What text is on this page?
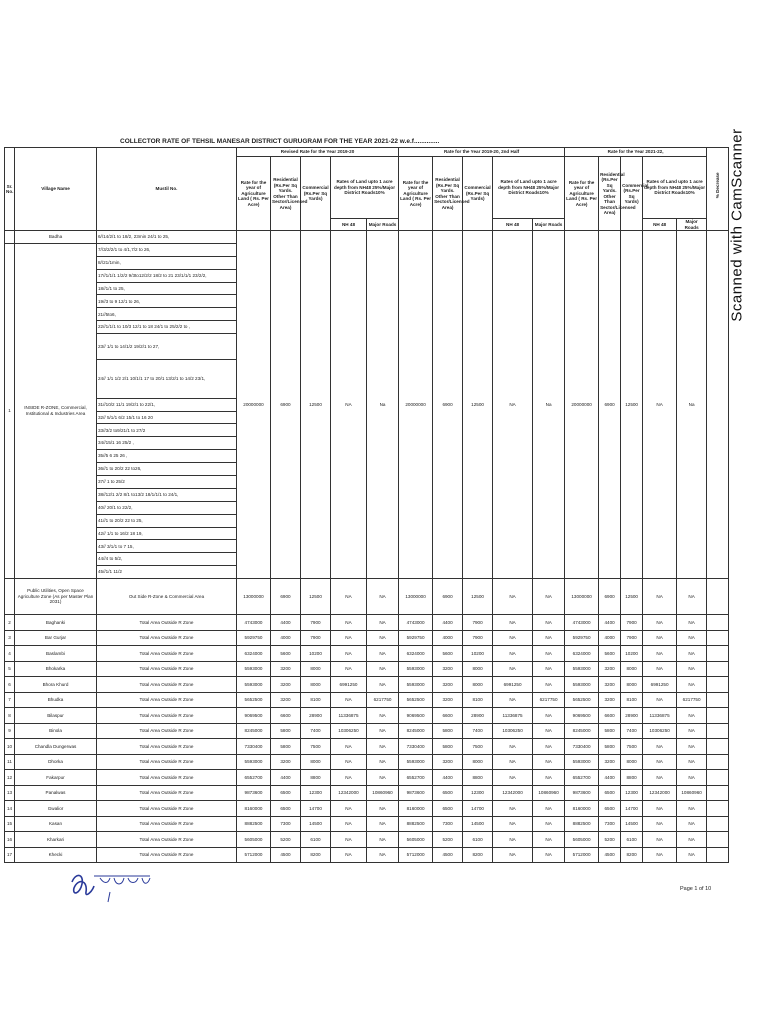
COLLECTOR RATE OF TEHSIL MANESAR DISTRICT GURUGRAM FOR THE YEAR 2021-22 w.e.f..............	Scanned with CamScanner
Sr. No.	Village Name	Mustil No.	Revised Rate for the Year 2019-20					Rate for the Year 2019-20, 2nd Half					Rate for the Year 2021-22,					% Decrease

			Rate for the year of Agriculture Land ( Rs. Per Acre)	Residential (Rs.Per Sq Yards. Other Than Sector/Licensed Area)	Commercial (Rs.Per Sq Yards)	Rates of Land upto 1 acre depth from NH48 25%/Major District Roads10%		Rate for the year of Agriculture Land ( Rs. Per Acre)	Residential (Rs.Per Sq Yards. Other Than Sector/Licensed Area)	Commercial (Rs.Per Sq Yards)	Rates of Land upto 1 acre depth from NH48 25%/Major District Roads10%		Rate for the year of Agriculture Land ( Rs. Per Acre)	Residential (Rs.Per Sq Yards. Other Than Sector/Licensed Area)	Commercial (Rs.Per Sq Yards)	Rates of Land upto 1 acre depth from NH48 25%/Major District Roads10%		
						NH 48	Major Roads				NH 48	Major Roads				NH 48	Major Roads	
	Badha	6//14/2/1 to 18/2, 23min 24/1 to 25,	20000000	6900	12500	NA	Na	20000000	6900	12500	NA	Na	20000000	6900	12500	NA	Na	
1	INSIDE R-ZONE, Commercial, Institutional & Industries Area	7//3/2/2/1 to 4/1,7/2 to 26,																
		8//21/1min,																
		17//1/1/1 1/2/2 9/3to12/2/2 18/2 to 21 23/1/1/1 23/2/2,																
		18//1/1 to 25,																
		19//3 to 9 12/1 to 26,																
		21//5to6,																
		22//1/1/1 to 10/3 12/1 to 18 24/1 to 25/2/2 to ,																
		23// 1/1 to 14/1/2 19/2/1 to 27,																
		24// 1/1 1/2 2/1 10/1/1 17 to 20/1 13/2/1 to 14/2 23/1,																
		31//10/2 11/1 19/2/1 to 22/1,																
		32// 5/1/1 6/2 15/1 to 16 20																
		33//3/2 to9/21/1 to 27/2																
		34//15/1 16 25/2 ,																
		35//5 6 25 26 ,																
		36//1 to 20/2 22 to26,																
		37// 1 to 25/2																
		38//12/1 2/2 8/1 to13/2 18/1/1/1 to 24/1,																
		40// 20/1 to 22/2,																
		41//1 to 20/2 22 to 25,																
		42// 1/1 to 16/2 18 19,																
		43// 3/1/1 to 7 15,																
		44//4 to 5/2,																
		45//1/1 11/2																
	Public Utilities, Open Space Agriculture Zone (As per Master Plan 2031)	Out Side R-Zone & Commercial Area	13000000	6900	12500	NA	NA	13000000	6900	12500	NA	NA	13000000	6900	12500	NA	NA	
2	Baghanki	Total Area Outside R Zone	4743000	4400	7900	NA	NA	4743000	4400	7900	NA	NA	4743000	4400	7900	NA	NA	
3	Bar Gurjar	Total Area Outside R Zone	5929750	4000	7900	NA	NA	5929750	4000	7900	NA	NA	5929750	4000	7900	NA	NA	
4	Baslambi	Total Area Outside R Zone	6324000	5600	10200	NA	NA	6324000	5600	10200	NA	NA	6324000	5600	10200	NA	NA	
5	Bhokarka	Total Area Outside R Zone	5593000	3200	8000	NA	NA	5593000	3200	8000	NA	NA	5593000	3200	8000	NA	NA	
6	Bhora Khurd	Total Area Outside R Zone	5593000	3200	8000	6991250	NA	5593000	3200	8000	6991250	NA	5593000	3200	8000	6991250	NA	
7	Bhudka	Total Area Outside R Zone	5652500	3200	8100	NA	6217750	5652500	3200	8100	NA	6217750	5652500	3200	8100	NA	6217750	
8	Bilaspur	Total Area Outside R Zone	9069500	6600	28900	11336875	NA	9069500	6600	28900	11336875	NA	9069500	6600	28900	11336875	NA	
9	Binola	Total Area Outside R Zone	8245000	5800	7400	10306250	NA	8245000	5800	7400	10306250	NA	8245000	5800	7400	10306250	NA	
10	Chandla Dungerwas	Total Area Outside R Zone	7330400	5800	7500	NA	NA	7330400	5800	7500	NA	NA	7330400	5800	7500	NA	NA	
11	Dhorka	Total Area Outside R Zone	5593000	3200	8000	NA	NA	5593000	3200	8000	NA	NA	5593000	3200	8000	NA	NA	
12	Fakarpur	Total Area Outside R Zone	6552700	4400	8800	NA	NA	6552700	4400	8800	NA	NA	6552700	4400	8800	NA	NA	
13	Panalwas	Total Area Outside R Zone	9873600	6500	12300	12342000	10860960	9873600	6500	12300	12342000	10860960	9873600	6500	12300	12342000	10860960	
14	Gwalior	Total Area Outside R Zone	8160000	6500	14700	NA	NA	8160000	6500	14700	NA	NA	8160000	6500	14700	NA	NA	
15	Kasan	Total Area Outside R Zone	8882500	7300	14500	NA	NA	8882500	7300	14500	NA	NA	8882500	7300	14500	NA	NA	
16	Kharkari	Total Area Outside R Zone	5605000	5200	6100	NA	NA	5605000	5200	6100	NA	NA	5605000	5200	6100	NA	NA	
17	Khecki	Total Area Outside R Zone	5712000	4500	8200	NA	NA	5712000	4500	8200	NA	NA	5712000	4500	8200	NA	NA	
Page 1 of 10
